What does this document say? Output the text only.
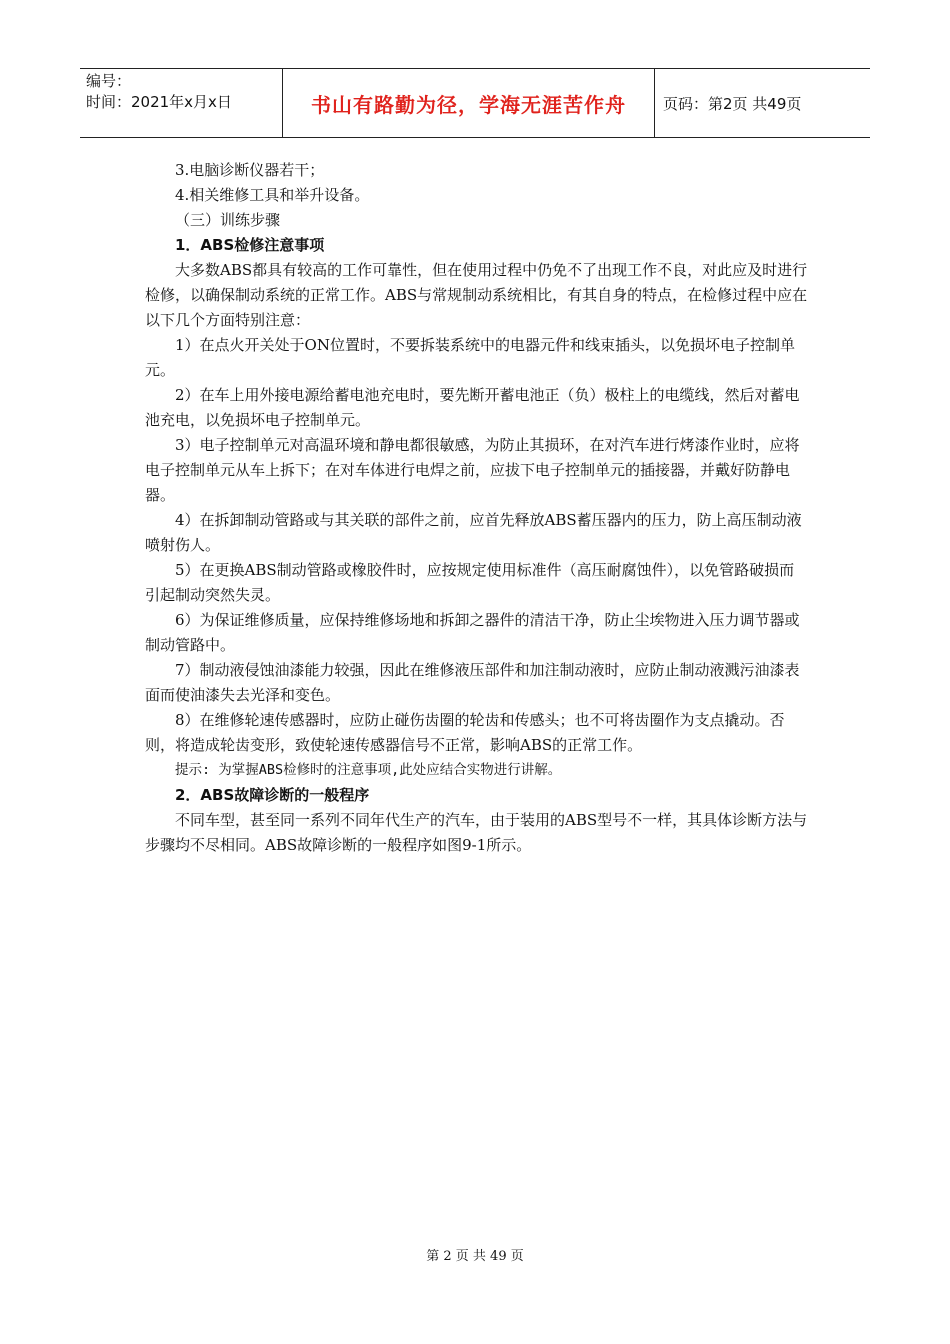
编号：
时间：2021年x月x日	书山有路勤为径，学海无涯苦作舟 页码：第2页 共49页

3.电脑诊断仪器若干；

4.相关维修工具和举升设备。

（三）训练步骤

1．ABS检修注意事项

大多数ABS都具有较高的工作可靠性，但在使用过程中仍免不了出现工作不良，对此应及时进行检修，以确保制动系统的正常工作。ABS与常规制动系统相比，有其自身的特点，在检修过程中应在以下几个方面特别注意：

1）在点火开关处于ON位置时，不要拆装系统中的电器元件和线束插头，以免损坏电子控制单元。

2）在车上用外接电源给蓄电池充电时，要先断开蓄电池正（负）极柱上的电缆线，然后对蓄电池充电，以免损坏电子控制单元。

3）电子控制单元对高温环境和静电都很敏感，为防止其损环，在对汽车进行烤漆作业时，应将电子控制单元从车上拆下；在对车体进行电焊之前，应拔下电子控制单元的插接器，并戴好防静电器。

4）在拆卸制动管路或与其关联的部件之前，应首先释放ABS蓄压器内的压力，防上高压制动液喷射伤人。

5）在更换ABS制动管路或橡胶件时，应按规定使用标准件（高压耐腐蚀件），以免管路破损而引起制动突然失灵。

6）为保证维修质量，应保持维修场地和拆卸之器件的清洁干净，防止尘埃物进入压力调节器或制动管路中。

7）制动液侵蚀油漆能力较强，因此在维修液压部件和加注制动液时，应防止制动液溅污油漆表面而使油漆失去光泽和变色。

8）在维修轮速传感器时，应防止碰伤齿圈的轮齿和传感头；也不可将齿圈作为支点撬动。否则，将造成轮齿变形，致使轮速传感器信号不正常，影响ABS的正常工作。

提示: 为掌握ABS检修时的注意事项,此处应结合实物进行讲解。

2．ABS故障诊断的一般程序

不同车型，甚至同一系列不同年代生产的汽车，由于装用的ABS型号不一样，其具体诊断方法与步骤均不尽相同。ABS故障诊断的一般程序如图9-1所示。

第 2 页 共 49 页
